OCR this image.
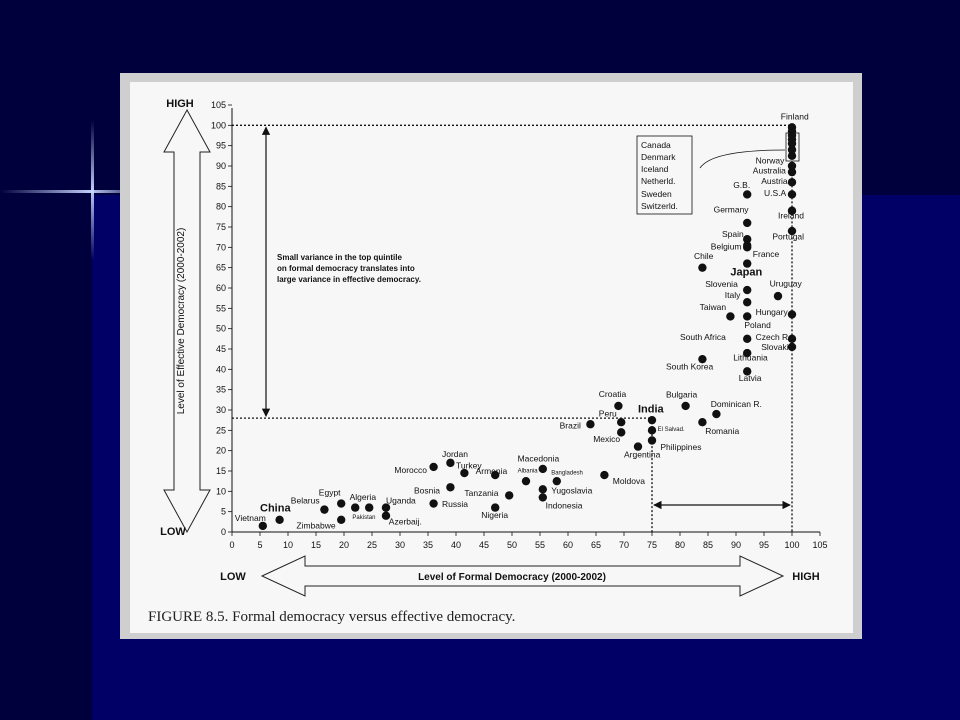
HIGH
LOW
Level of Effective Democracy (2000-2002)
LOW	HIGH
Level of Formal Democracy (2000-2002)
0	5 10 15 20 25 30 35 40 45 50 55 60 65 70 75 80 85 90 95 100 105
0
5
10
15
20
25
30
35
40
45
50
55
60
65
70
75
80
85
90
95
100
105
Vietnam
China
Zimbabwe
Belarus
Egypt Algeria
Pakistan
Uganda
Azerbaij.
Russia
Bosnia
Morocco
Jordan
Turkey
Armenia
Tanzania
Nigeria
Albania
Macedonia
Bangladesh
Yugoslavia
Indonesia
Moldova
Brazil
Croatia
Peru
Mexico
Argentina
India
El Salvad.
Philippines
Bulgaria
Dominican R.
Romania
South Korea
Lithuania
Latvia
South Africa	Czech R.
Slovakia
Poland
Hungary
Taiwan
Italy
Slovenia	Uruguay
Japan
Chile	France
Belgium
Spain	Portugal
Germany
Ireland
G.B.
U.S.A
Austria
Australia
Norway
Finland
Small variance in the top quintile
on formal democracy translates into
large variance in effective democracy.
Canada
Denmark
Iceland
Netherld.
Sweden
Switzerld.
FIGURE 8.5. Formal democracy versus effective democracy.
